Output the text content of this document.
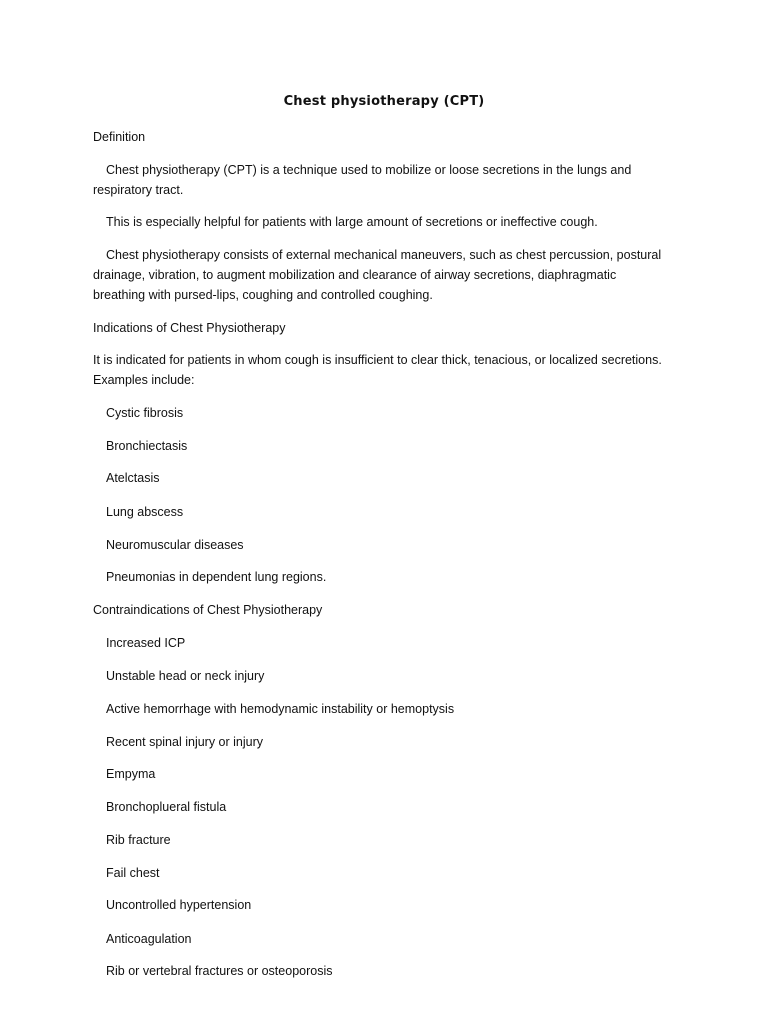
Chest physiotherapy (CPT)
Definition
Chest physiotherapy (CPT) is a technique used to mobilize or loose secretions in the lungs and respiratory tract.
This is especially helpful for patients with large amount of secretions or ineffective cough.
Chest physiotherapy consists of external mechanical maneuvers, such as chest percussion, postural drainage, vibration, to augment mobilization and clearance of airway secretions, diaphragmatic breathing with pursed-lips, coughing and controlled coughing.
Indications of Chest Physiotherapy
It is indicated for patients in whom cough is insufficient to clear thick, tenacious, or localized secretions. Examples include:
Cystic fibrosis
Bronchiectasis
Atelctasis
Lung abscess
Neuromuscular diseases
Pneumonias in dependent lung regions.
Contraindications of Chest Physiotherapy
Increased ICP
Unstable head or neck injury
Active hemorrhage with hemodynamic instability or hemoptysis
Recent spinal injury or injury
Empyma
Bronchoplueral fistula
Rib fracture
Fail chest
Uncontrolled hypertension
Anticoagulation
Rib or vertebral fractures or osteoporosis
